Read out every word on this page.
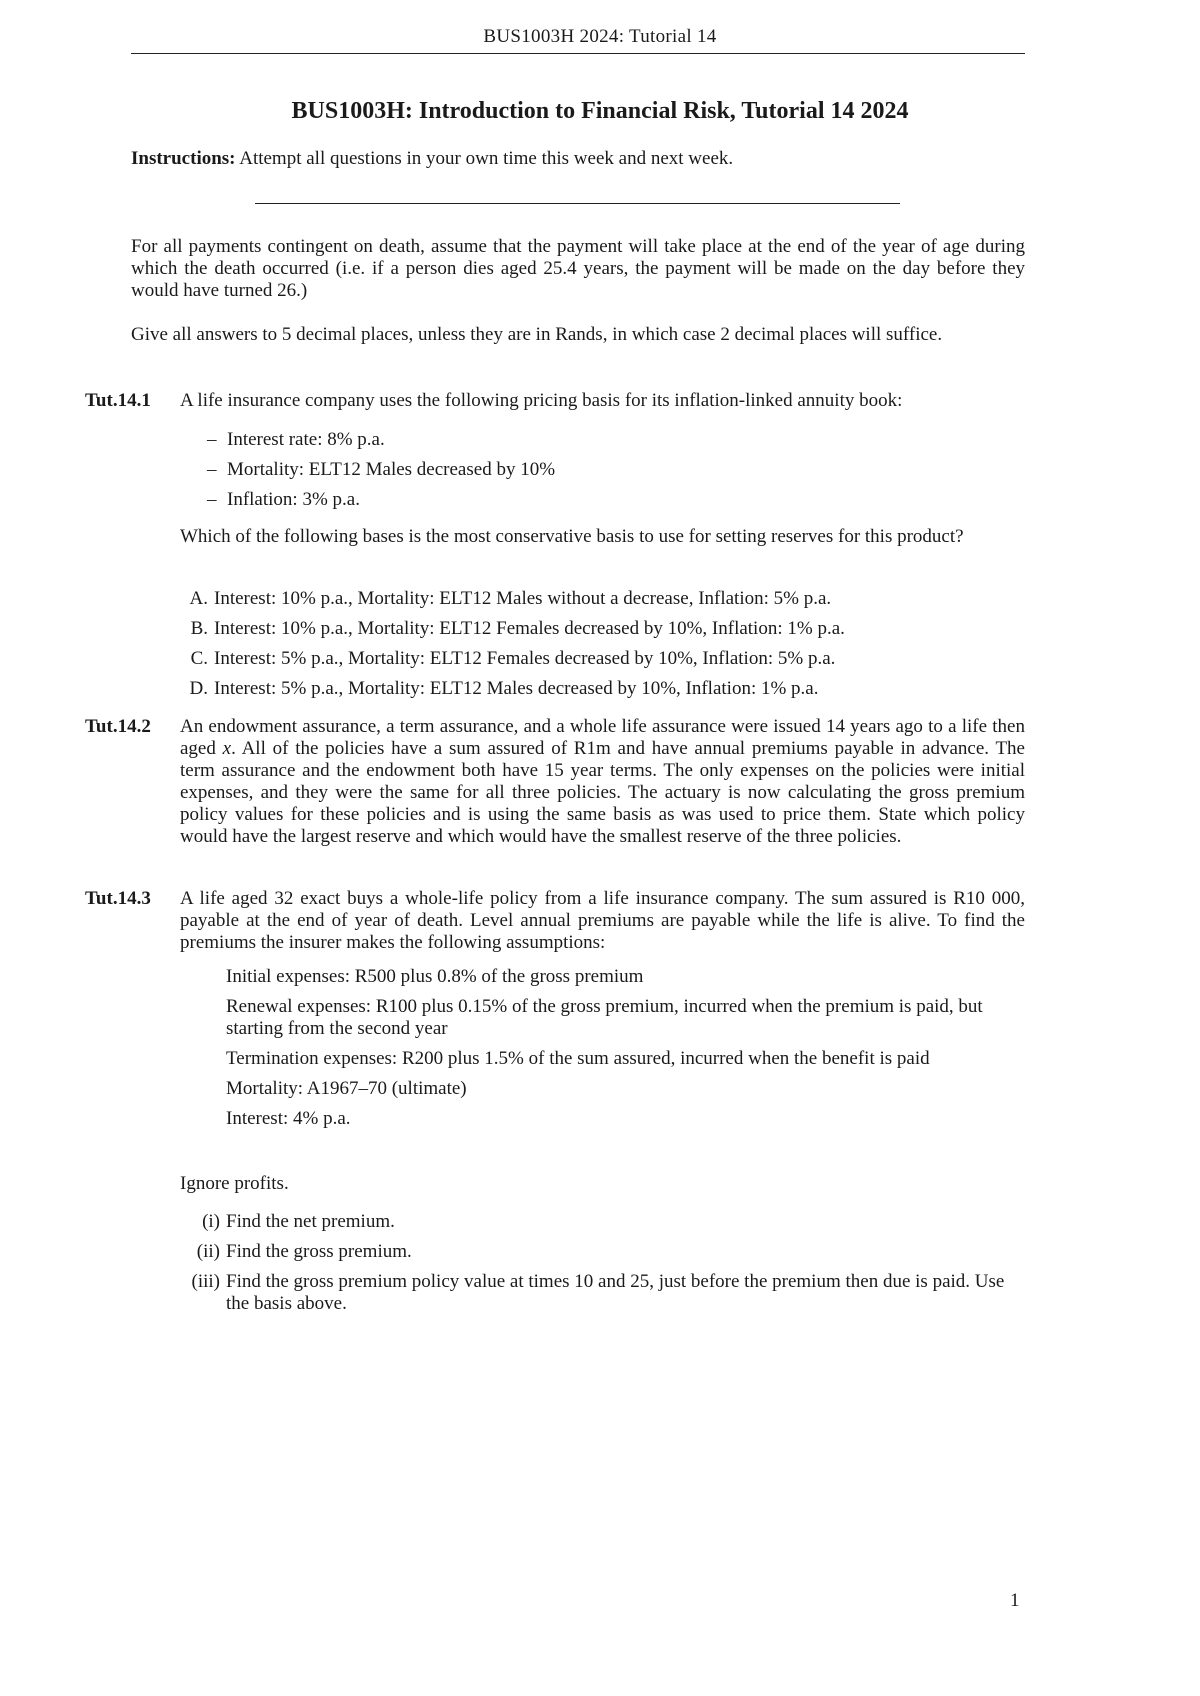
BUS1003H 2024: Tutorial 14
BUS1003H: Introduction to Financial Risk, Tutorial 14 2024
Instructions: Attempt all questions in your own time this week and next week.
For all payments contingent on death, assume that the payment will take place at the end of the year of age during which the death occurred (i.e. if a person dies aged 25.4 years, the payment will be made on the day before they would have turned 26.)
Give all answers to 5 decimal places, unless they are in Rands, in which case 2 decimal places will suffice.
Tut.14.1 A life insurance company uses the following pricing basis for its inflation-linked annuity book:
– Interest rate: 8% p.a.
– Mortality: ELT12 Males decreased by 10%
– Inflation: 3% p.a.
Which of the following bases is the most conservative basis to use for setting reserves for this product?
A. Interest: 10% p.a., Mortality: ELT12 Males without a decrease, Inflation: 5% p.a.
B. Interest: 10% p.a., Mortality: ELT12 Females decreased by 10%, Inflation: 1% p.a.
C. Interest: 5% p.a., Mortality: ELT12 Females decreased by 10%, Inflation: 5% p.a.
D. Interest: 5% p.a., Mortality: ELT12 Males decreased by 10%, Inflation: 1% p.a.
Tut.14.2 An endowment assurance, a term assurance, and a whole life assurance were issued 14 years ago to a life then aged x. All of the policies have a sum assured of R1m and have annual premiums payable in advance. The term assurance and the endowment both have 15 year terms. The only expenses on the policies were initial expenses, and they were the same for all three policies. The actuary is now calculating the gross premium policy values for these policies and is using the same basis as was used to price them. State which policy would have the largest reserve and which would have the smallest reserve of the three policies.
Tut.14.3 A life aged 32 exact buys a whole-life policy from a life insurance company. The sum assured is R10 000, payable at the end of year of death. Level annual premiums are payable while the life is alive. To find the premiums the insurer makes the following assumptions:
Initial expenses: R500 plus 0.8% of the gross premium
Renewal expenses: R100 plus 0.15% of the gross premium, incurred when the premium is paid, but starting from the second year
Termination expenses: R200 plus 1.5% of the sum assured, incurred when the benefit is paid
Mortality: A1967–70 (ultimate)
Interest: 4% p.a.
Ignore profits.
(i) Find the net premium.
(ii) Find the gross premium.
(iii) Find the gross premium policy value at times 10 and 25, just before the premium then due is paid. Use the basis above.
1
